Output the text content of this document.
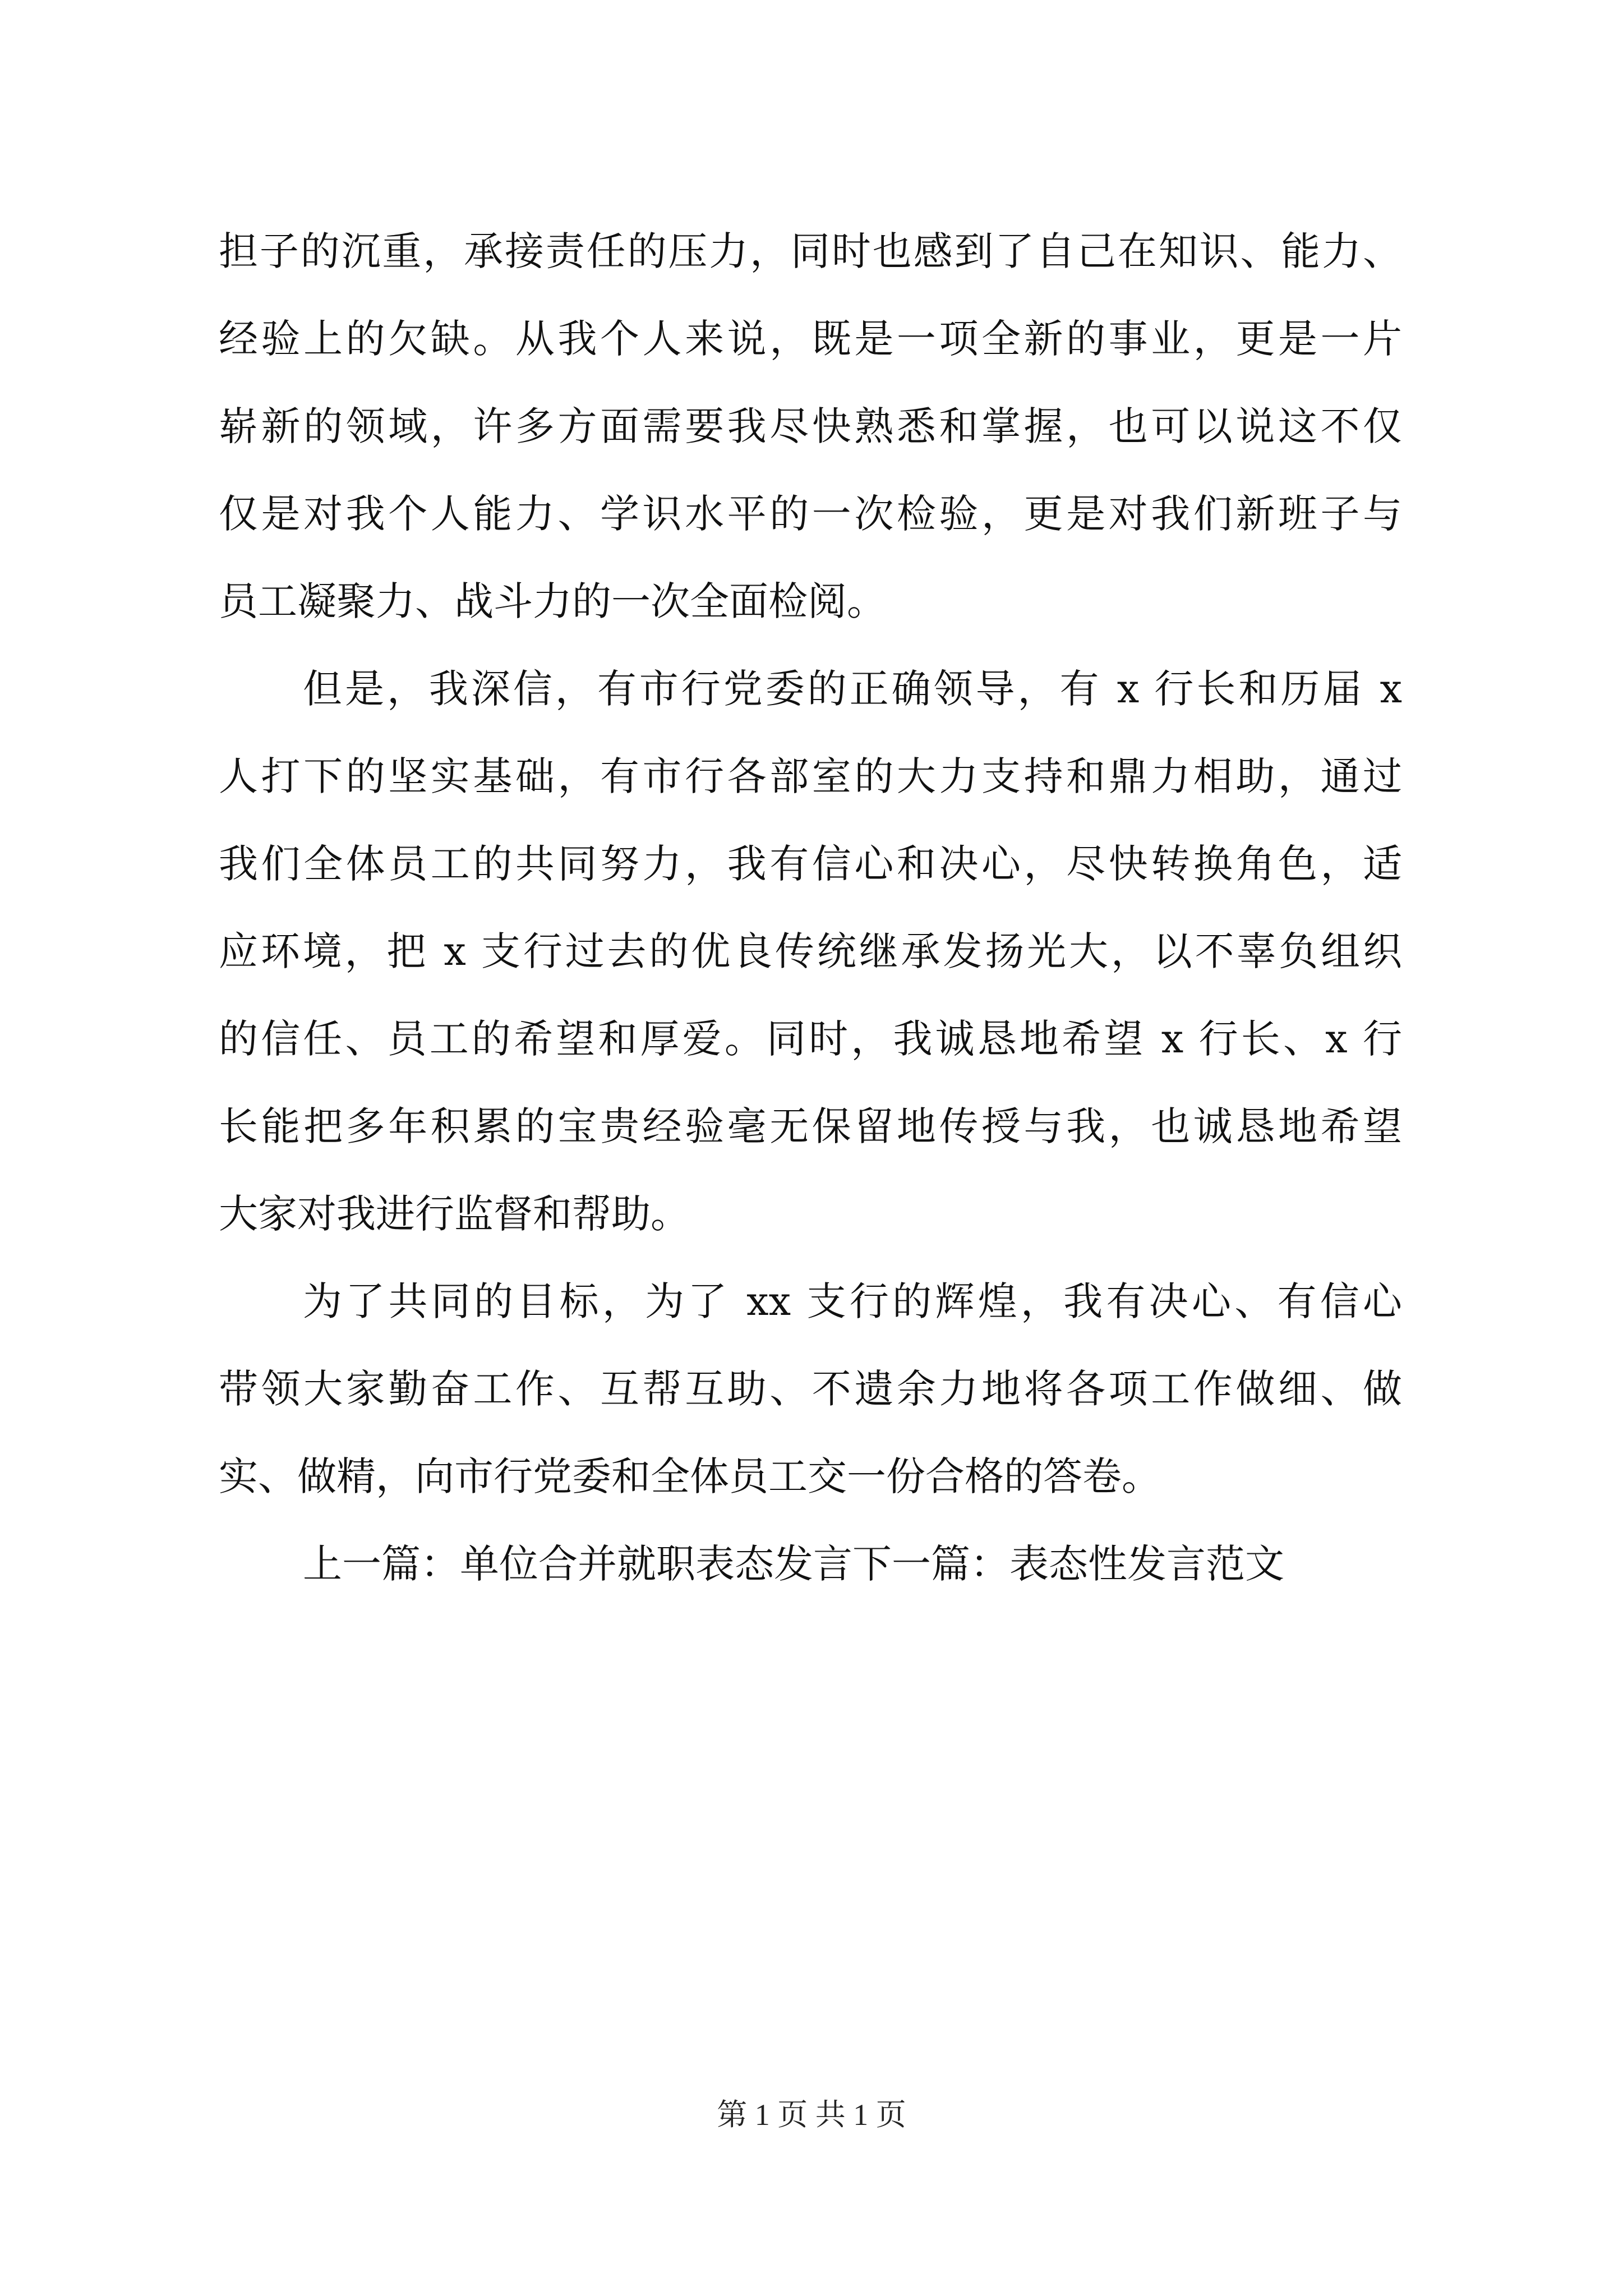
担子的沉重，承接责任的压力，同时也感到了自己在知识、能力、
经验上的欠缺。从我个人来说，既是一项全新的事业，更是一片
崭新的领域，许多方面需要我尽快熟悉和掌握，也可以说这不仅
仅是对我个人能力、学识水平的一次检验，更是对我们新班子与
员工凝聚力、战斗力的一次全面检阅。
但是，我深信，有市行党委的正确领导，有 x 行长和历届 x
人打下的坚实基础，有市行各部室的大力支持和鼎力相助，通过
我们全体员工的共同努力，我有信心和决心，尽快转换角色，适
应环境，把 x 支行过去的优良传统继承发扬光大，以不辜负组织
的信任、员工的希望和厚爱。同时，我诚恳地希望 x 行长、x 行
长能把多年积累的宝贵经验毫无保留地传授与我，也诚恳地希望
大家对我进行监督和帮助。
为了共同的目标，为了 xx 支行的辉煌，我有决心、有信心
带领大家勤奋工作、互帮互助、不遗余力地将各项工作做细、做
实、做精，向市行党委和全体员工交一份合格的答卷。
上一篇：单位合并就职表态发言下一篇：表态性发言范文
第 1 页 共 1 页
